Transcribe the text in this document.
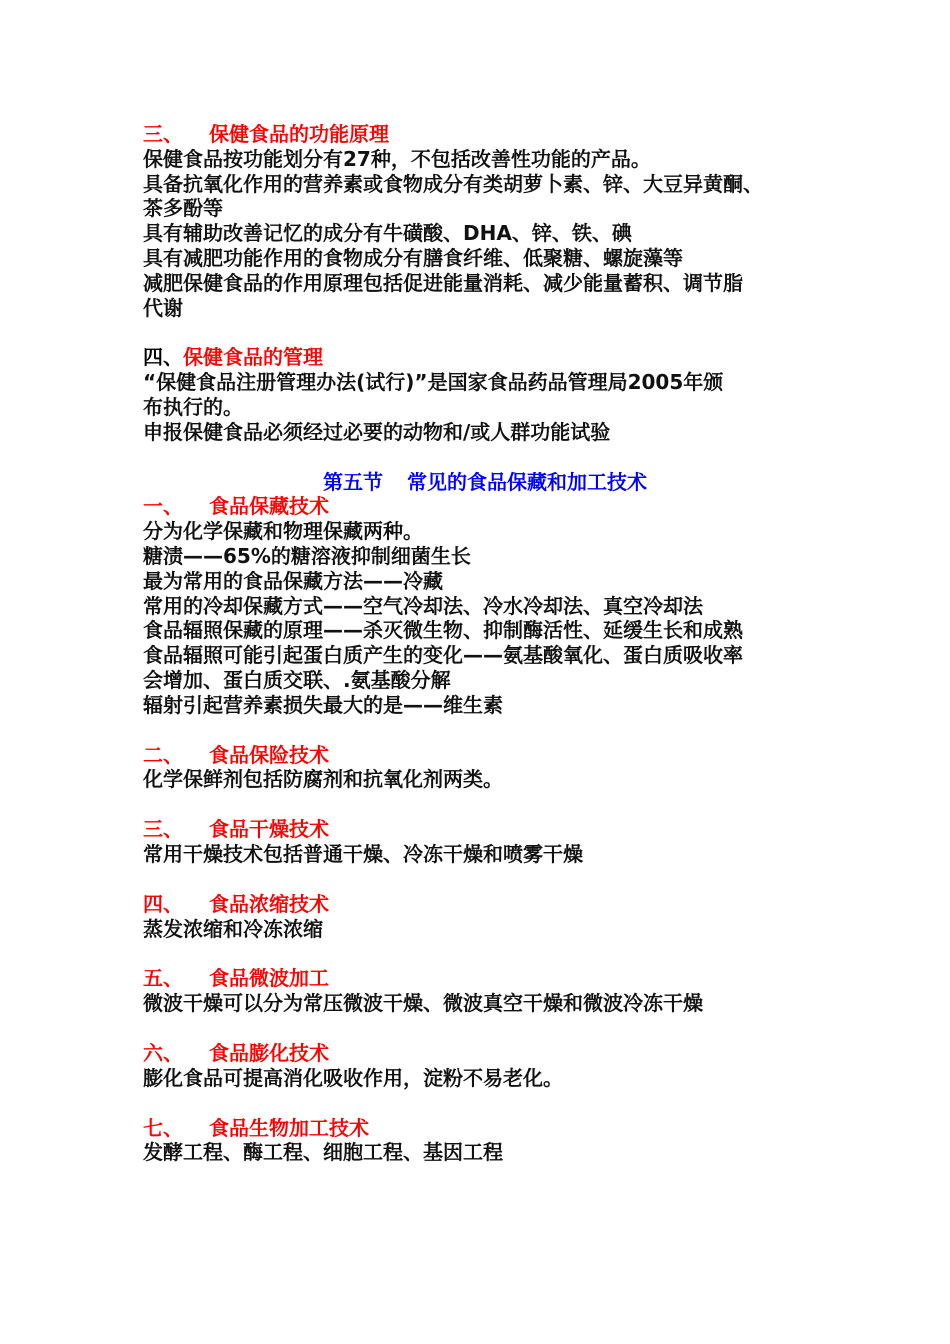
三、 保健食品的功能原理
保健食品按功能划分有27种，不包括改善性功能的产品。
具备抗氧化作用的营养素或食物成分有类胡萝卜素、锌、大豆异黄酮、
茶多酚等
具有辅助改善记忆的成分有牛磺酸、DHA、锌、铁、碘
具有减肥功能作用的食物成分有膳食纤维、低聚糖、螺旋藻等
减肥保健食品的作用原理包括促进能量消耗、减少能量蓄积、调节脂
代谢
四、保健食品的管理
“保健食品注册管理办法(试行)”是国家食品药品管理局2005年颁
布执行的。
申报保健食品必须经过必要的动物和/或人群功能试验
第五节 常见的食品保藏和加工技术
一、 食品保藏技术
分为化学保藏和物理保藏两种。
糖渍——65%的糖溶液抑制细菌生长
最为常用的食品保藏方法——冷藏
常用的冷却保藏方式——空气冷却法、冷水冷却法、真空冷却法
食品辐照保藏的原理——杀灭微生物、抑制酶活性、延缓生长和成熟
食品辐照可能引起蛋白质产生的变化——氨基酸氧化、蛋白质吸收率
会增加、蛋白质交联、.氨基酸分解
辐射引起营养素损失最大的是——维生素
二、 食品保险技术
化学保鲜剂包括防腐剂和抗氧化剂两类。
三、 食品干燥技术
常用干燥技术包括普通干燥、冷冻干燥和喷雾干燥
四、 食品浓缩技术
蒸发浓缩和冷冻浓缩
五、 食品微波加工
微波干燥可以分为常压微波干燥、微波真空干燥和微波冷冻干燥
六、 食品膨化技术
膨化食品可提高消化吸收作用，淀粉不易老化。
七、 食品生物加工技术
发酵工程、酶工程、细胞工程、基因工程
